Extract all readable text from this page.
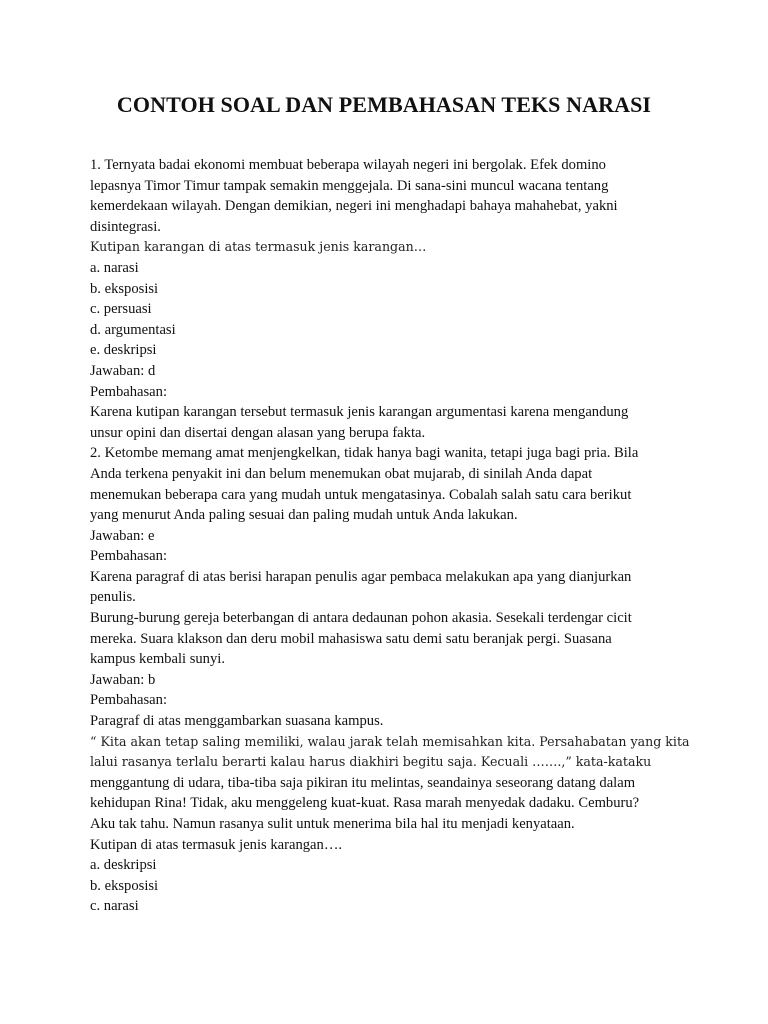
CONTOH SOAL DAN PEMBAHASAN TEKS NARASI
1. Ternyata badai ekonomi membuat beberapa wilayah negeri ini bergolak. Efek domino
lepasnya Timor Timur tampak semakin menggejala. Di sana-sini muncul wacana tentang
kemerdekaan wilayah. Dengan demikian, negeri ini menghadapi bahaya mahahebat, yakni
disintegrasi.
Kutipan karangan di atas termasuk jenis karangan…
a. narasi
b. eksposisi
c. persuasi
d. argumentasi
e. deskripsi
Jawaban: d
Pembahasan:
Karena kutipan karangan tersebut termasuk jenis karangan argumentasi karena mengandung
unsur opini dan disertai dengan alasan yang berupa fakta.
2. Ketombe memang amat menjengkelkan, tidak hanya bagi wanita, tetapi juga bagi pria. Bila
Anda terkena penyakit ini dan belum menemukan obat mujarab, di sinilah Anda dapat
menemukan beberapa cara yang mudah untuk mengatasinya. Cobalah salah satu cara berikut
yang menurut Anda paling sesuai dan paling mudah untuk Anda lakukan.
Jawaban: e
Pembahasan:
Karena paragraf di atas berisi harapan penulis agar pembaca melakukan apa yang dianjurkan
penulis.
Burung-burung gereja beterbangan di antara dedaunan pohon akasia. Sesekali terdengar cicit
mereka. Suara klakson dan deru mobil mahasiswa satu demi satu beranjak pergi. Suasana
kampus kembali sunyi.
Jawaban: b
Pembahasan:
Paragraf di atas menggambarkan suasana kampus.
“ Kita akan tetap saling memiliki, walau jarak telah memisahkan kita. Persahabatan yang kita
lalui rasanya terlalu berarti kalau harus diakhiri begitu saja. Kecuali …….,” kata-kataku
menggantung di udara, tiba-tiba saja pikiran itu melintas, seandainya seseorang datang dalam
kehidupan Rina! Tidak, aku menggeleng kuat-kuat. Rasa marah menyedak dadaku. Cemburu?
Aku tak tahu. Namun rasanya sulit untuk menerima bila hal itu menjadi kenyataan.
Kutipan di atas termasuk jenis karangan….
a. deskripsi
b. eksposisi
c. narasi
